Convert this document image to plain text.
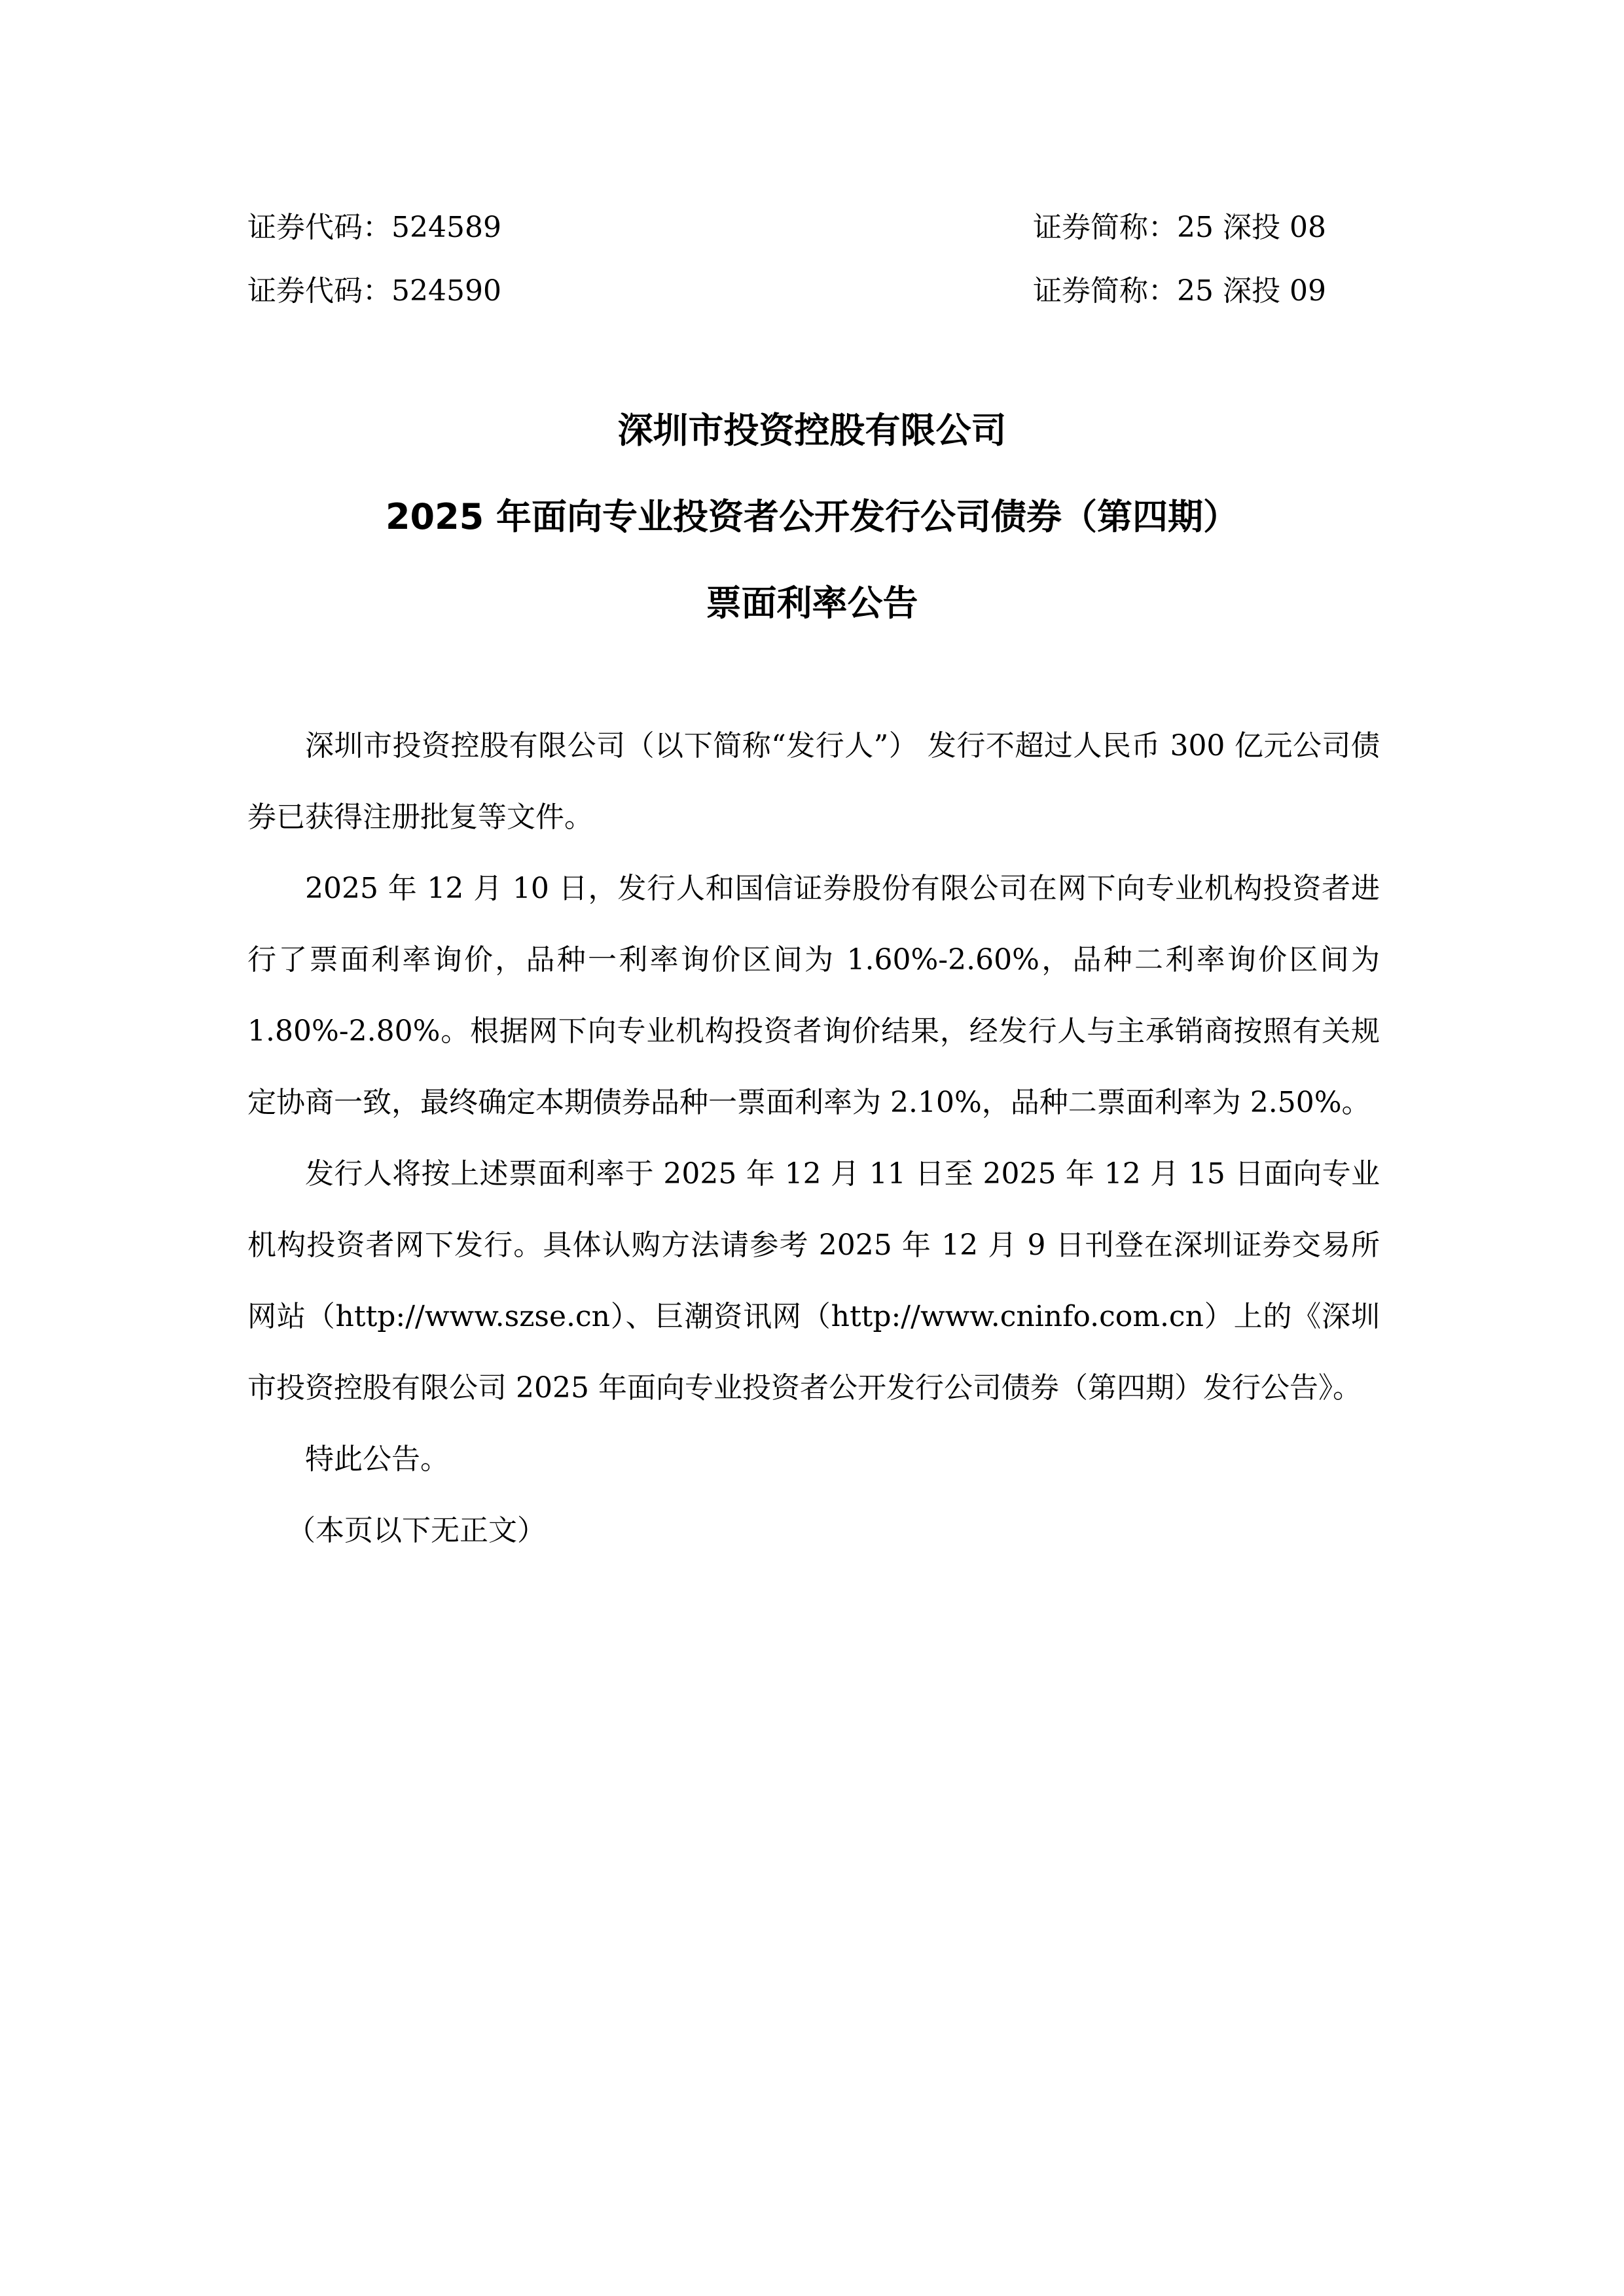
证券代码：524589	证券简称：25 深投 08
证券代码：524590	证券简称：25 深投 09
深圳市投资控股有限公司
2025 年面向专业投资者公开发行公司债券（第四期）
票面利率公告

深圳市投资控股有限公司（以下简称“发行人”） 发行不超过人民币 300 亿元公司债券已获得注册批复等文件。

2025 年 12 月 10 日，发行人和国信证券股份有限公司在网下向专业机构投资者进行了票面利率询价，品种一利率询价区间为 1.60%-2.60%，品种二利率询价区间为 1.80%-2.80%。根据网下向专业机构投资者询价结果，经发行人与主承销商按照有关规定协商一致，最终确定本期债券品种一票面利率为 2.10%，品种二票面利率为 2.50%。

发行人将按上述票面利率于 2025 年 12 月 11 日至 2025 年 12 月 15 日面向专业机构投资者网下发行。具体认购方法请参考 2025 年 12 月 9 日刊登在深圳证券交易所网站（http://www.szse.cn）、巨潮资讯网（http://www.cninfo.com.cn）上的《深圳市投资控股有限公司 2025 年面向专业投资者公开发行公司债券（第四期）发行公告》。

特此公告。

（本页以下无正文）
